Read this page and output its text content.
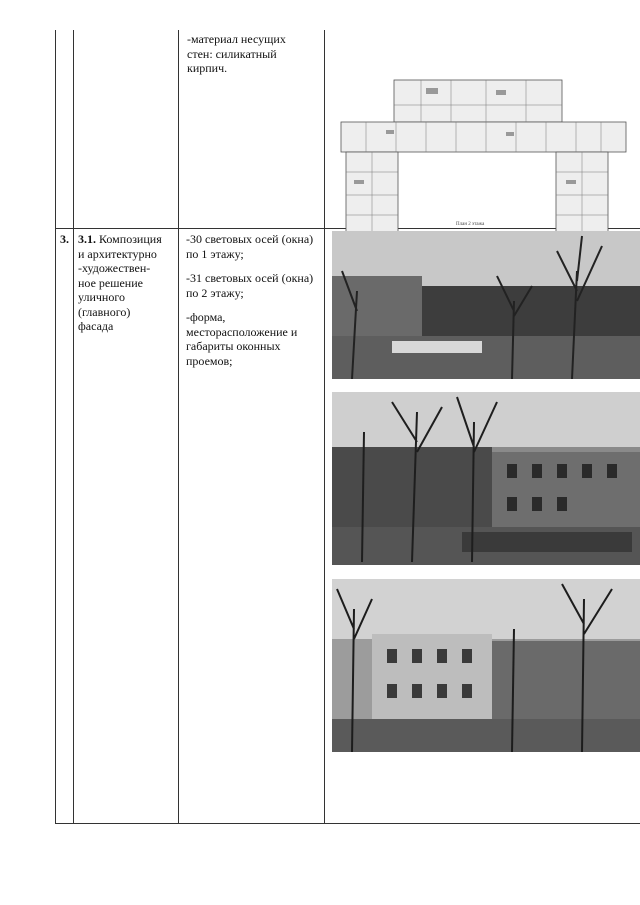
-материал несущих
стен: силикатный
кирпич.
3. 3.1. Композиция
и архитектурно
-художествен-
ное решение
уличного
(главного)
фасада

-30 световых осей (окна) по 1 этажу;

-31 световых осей (окна) по 2 этажу;

-форма, месторасположение и габариты оконных проемов;

План 2 этажа
